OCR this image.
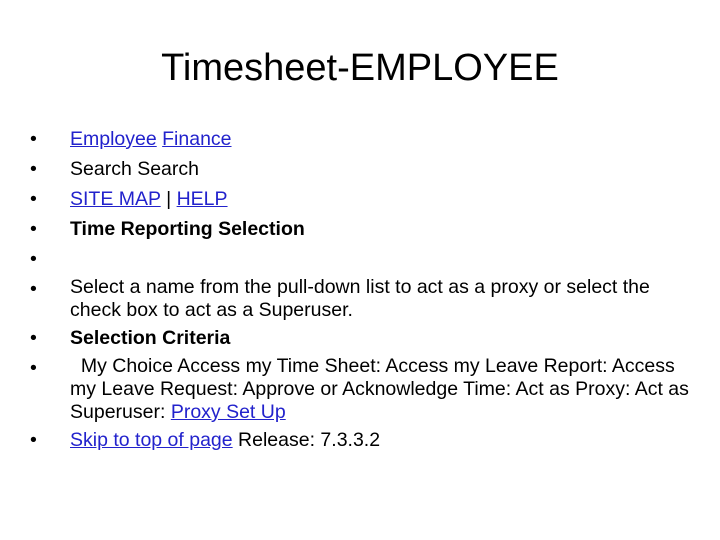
Timesheet-EMPLOYEE
• Employee Finance
• Search Search
• SITE MAP | HELP
• Time Reporting Selection
•
• Select a name from the pull-down list to act as a proxy or select the check box to act as a Superuser.
• Selection Criteria
• My Choice Access my Time Sheet: Access my Leave Report: Access my Leave Request: Approve or Acknowledge Time: Act as Proxy: Act as Superuser: Proxy Set Up
• Skip to top of page Release: 7.3.3.2
